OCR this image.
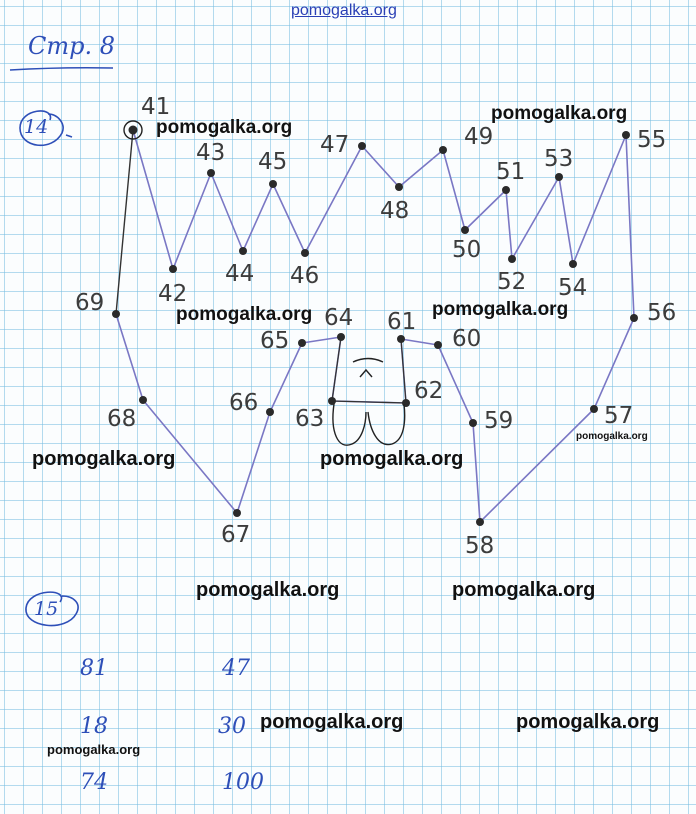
pomogalka.org
Стр. 8
14
15
41
42
43
44
45
46
47
48
49
50
51
52
53
54
55
56
57
58
59
60
61
62
63
64
65
66
67
68
69
81	47
18	30
74	100
pomogalka.org
pomogalka.org
pomogalka.org	pomogalka.org
pomogalka.org	pomogalka.org
pomogalka.org
pomogalka.org	pomogalka.org
pomogalka.org	pomogalka.org
pomogalka.org
